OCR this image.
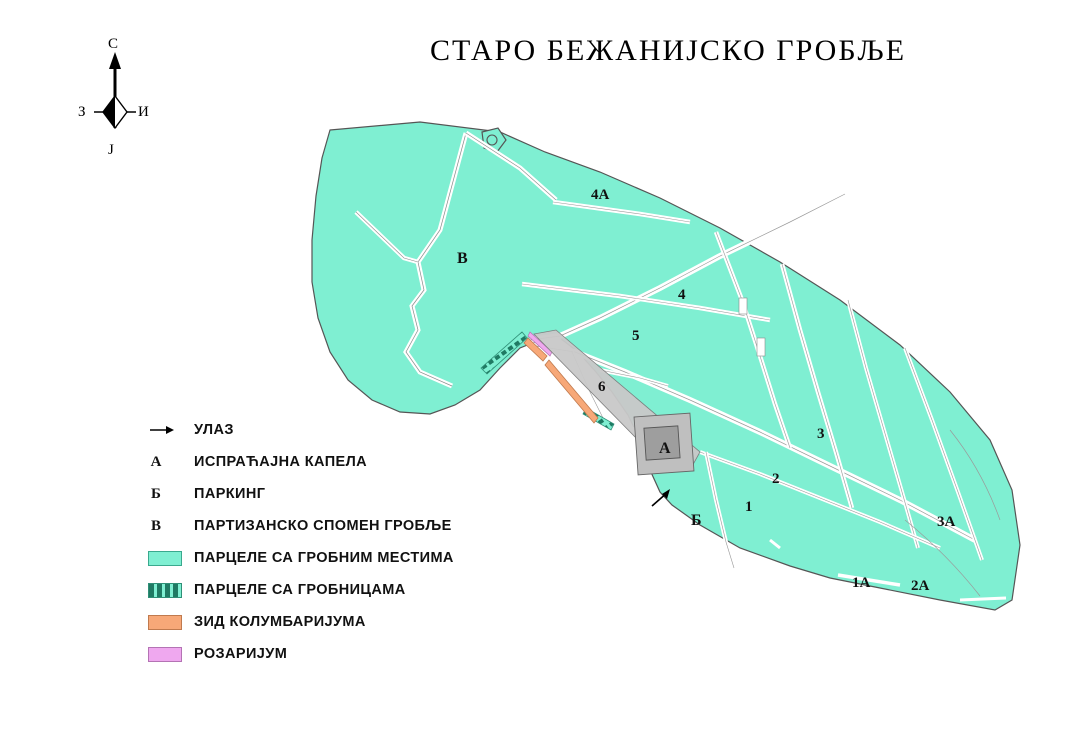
СТАРО БЕЖАНИЈСКО ГРОБЉЕ
С
Ј
З	И
4А
4
5
6
3
2
1
3А
2А
1А
В
А
Б
УЛАЗ
А	ИСПРАЋАЈНА КАПЕЛА
Б	ПАРКИНГ
В	ПАРТИЗАНСКО СПОМЕН ГРОБЉЕ
ПАРЦЕЛЕ СА ГРОБНИМ МЕСТИМА
ПАРЦЕЛЕ СА ГРОБНИЦАМА
ЗИД КОЛУМБАРИЈУМА
РОЗАРИЈУМ
